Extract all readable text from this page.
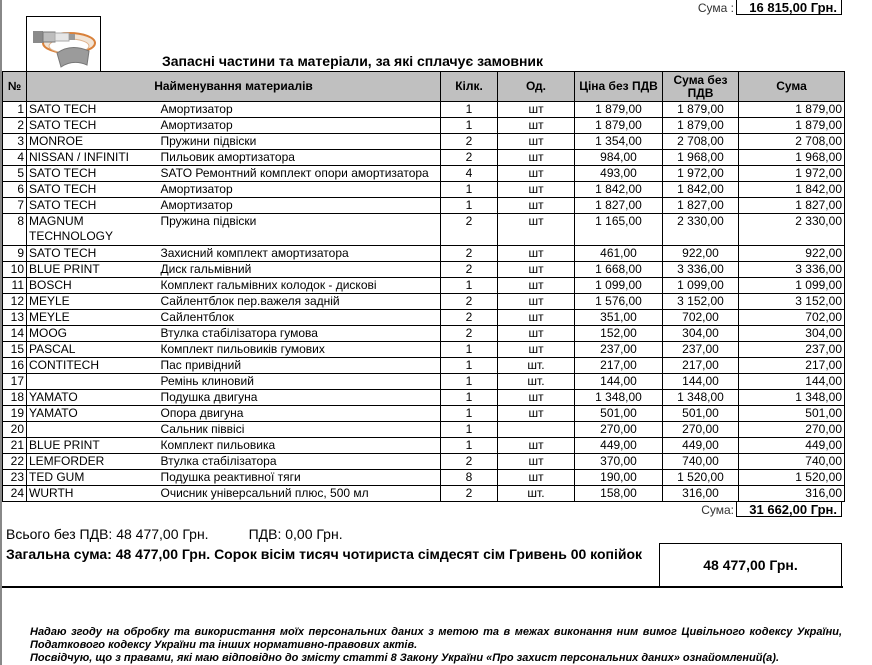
Сума :	16 815,00 Грн.
Запасні частини та матеріали, за які сплачує замовник
№	Найменування материалів		Кілк.	Од.	Ціна без ПДВ	Сума без ПДВ	Сума
1	SATO TECH	Амортизатор	1	шт	1 879,00	1 879,00	1 879,00
2	SATO TECH	Амортизатор	1	шт	1 879,00	1 879,00	1 879,00
3	MONROE	Пружини підвіски	2	шт	1 354,00	2 708,00	2 708,00
4	NISSAN / INFINITI	Пильовик амортизатора	2	шт	984,00	1 968,00	1 968,00
5	SATO TECH	SATO Ремонтний комплект опори амортизатора	4	шт	493,00	1 972,00	1 972,00
6	SATO TECH	Амортизатор	1	шт	1 842,00	1 842,00	1 842,00
7	SATO TECH	Амортизатор	1	шт	1 827,00	1 827,00	1 827,00
8	MAGNUM TECHNOLOGY	Пружина підвіски	2	шт	1 165,00	2 330,00	2 330,00
9	SATO TECH	Захисний комплект амортизатора	2	шт	461,00	922,00	922,00
10	BLUE PRINT	Диск гальмівний	2	шт	1 668,00	3 336,00	3 336,00
11	BOSCH	Комплект гальмівних колодок - дискові	1	шт	1 099,00	1 099,00	1 099,00
12	MEYLE	Сайлентблок пер.важеля задній	2	шт	1 576,00	3 152,00	3 152,00
13	MEYLE	Сайлентблок	2	шт	351,00	702,00	702,00
14	MOOG	Втулка стабілізатора гумова	2	шт	152,00	304,00	304,00
15	PASCAL	Комплект пильовиків гумових	1	шт	237,00	237,00	237,00
16	CONTITECH	Пас привідний	1	шт.	217,00	217,00	217,00
17		Ремінь клиновий	1	шт.	144,00	144,00	144,00
18	YAMATO	Подушка двигуна	1	шт	1 348,00	1 348,00	1 348,00
19	YAMATO	Опора двигуна	1	шт	501,00	501,00	501,00
20		Сальник піввісі	1		270,00	270,00	270,00
21	BLUE PRINT	Комплект пильовика	1	шт	449,00	449,00	449,00
22	LEMFORDER	Втулка стабілізатора	2	шт	370,00	740,00	740,00
23	TED GUM	Подушка реактивної тяги	8	шт	190,00	1 520,00	1 520,00
24	WURTH	Очисник універсальний плюс, 500 мл	2	шт.	158,00	316,00	316,00
Сума:	31 662,00 Грн.
Всього без ПДВ: 48 477,00 Грн.	ПДВ: 0,00 Грн.
Загальна сума: 48 477,00 Грн. Сорок вісім тисяч чотириста сімдесят сім Гривень 00 копійок
48 477,00 Грн.
Надаю згоду на обробку та використання моїх персональних даних з метою та в межах виконання ним вимог Цивільного кодексу України, Податкового кодексу України та інших нормативно-правових актів.
Посвідчую, що з правами, які маю відповідно до змісту статті 8 Закону України «Про захист персональних даних» ознайомлений(а).
